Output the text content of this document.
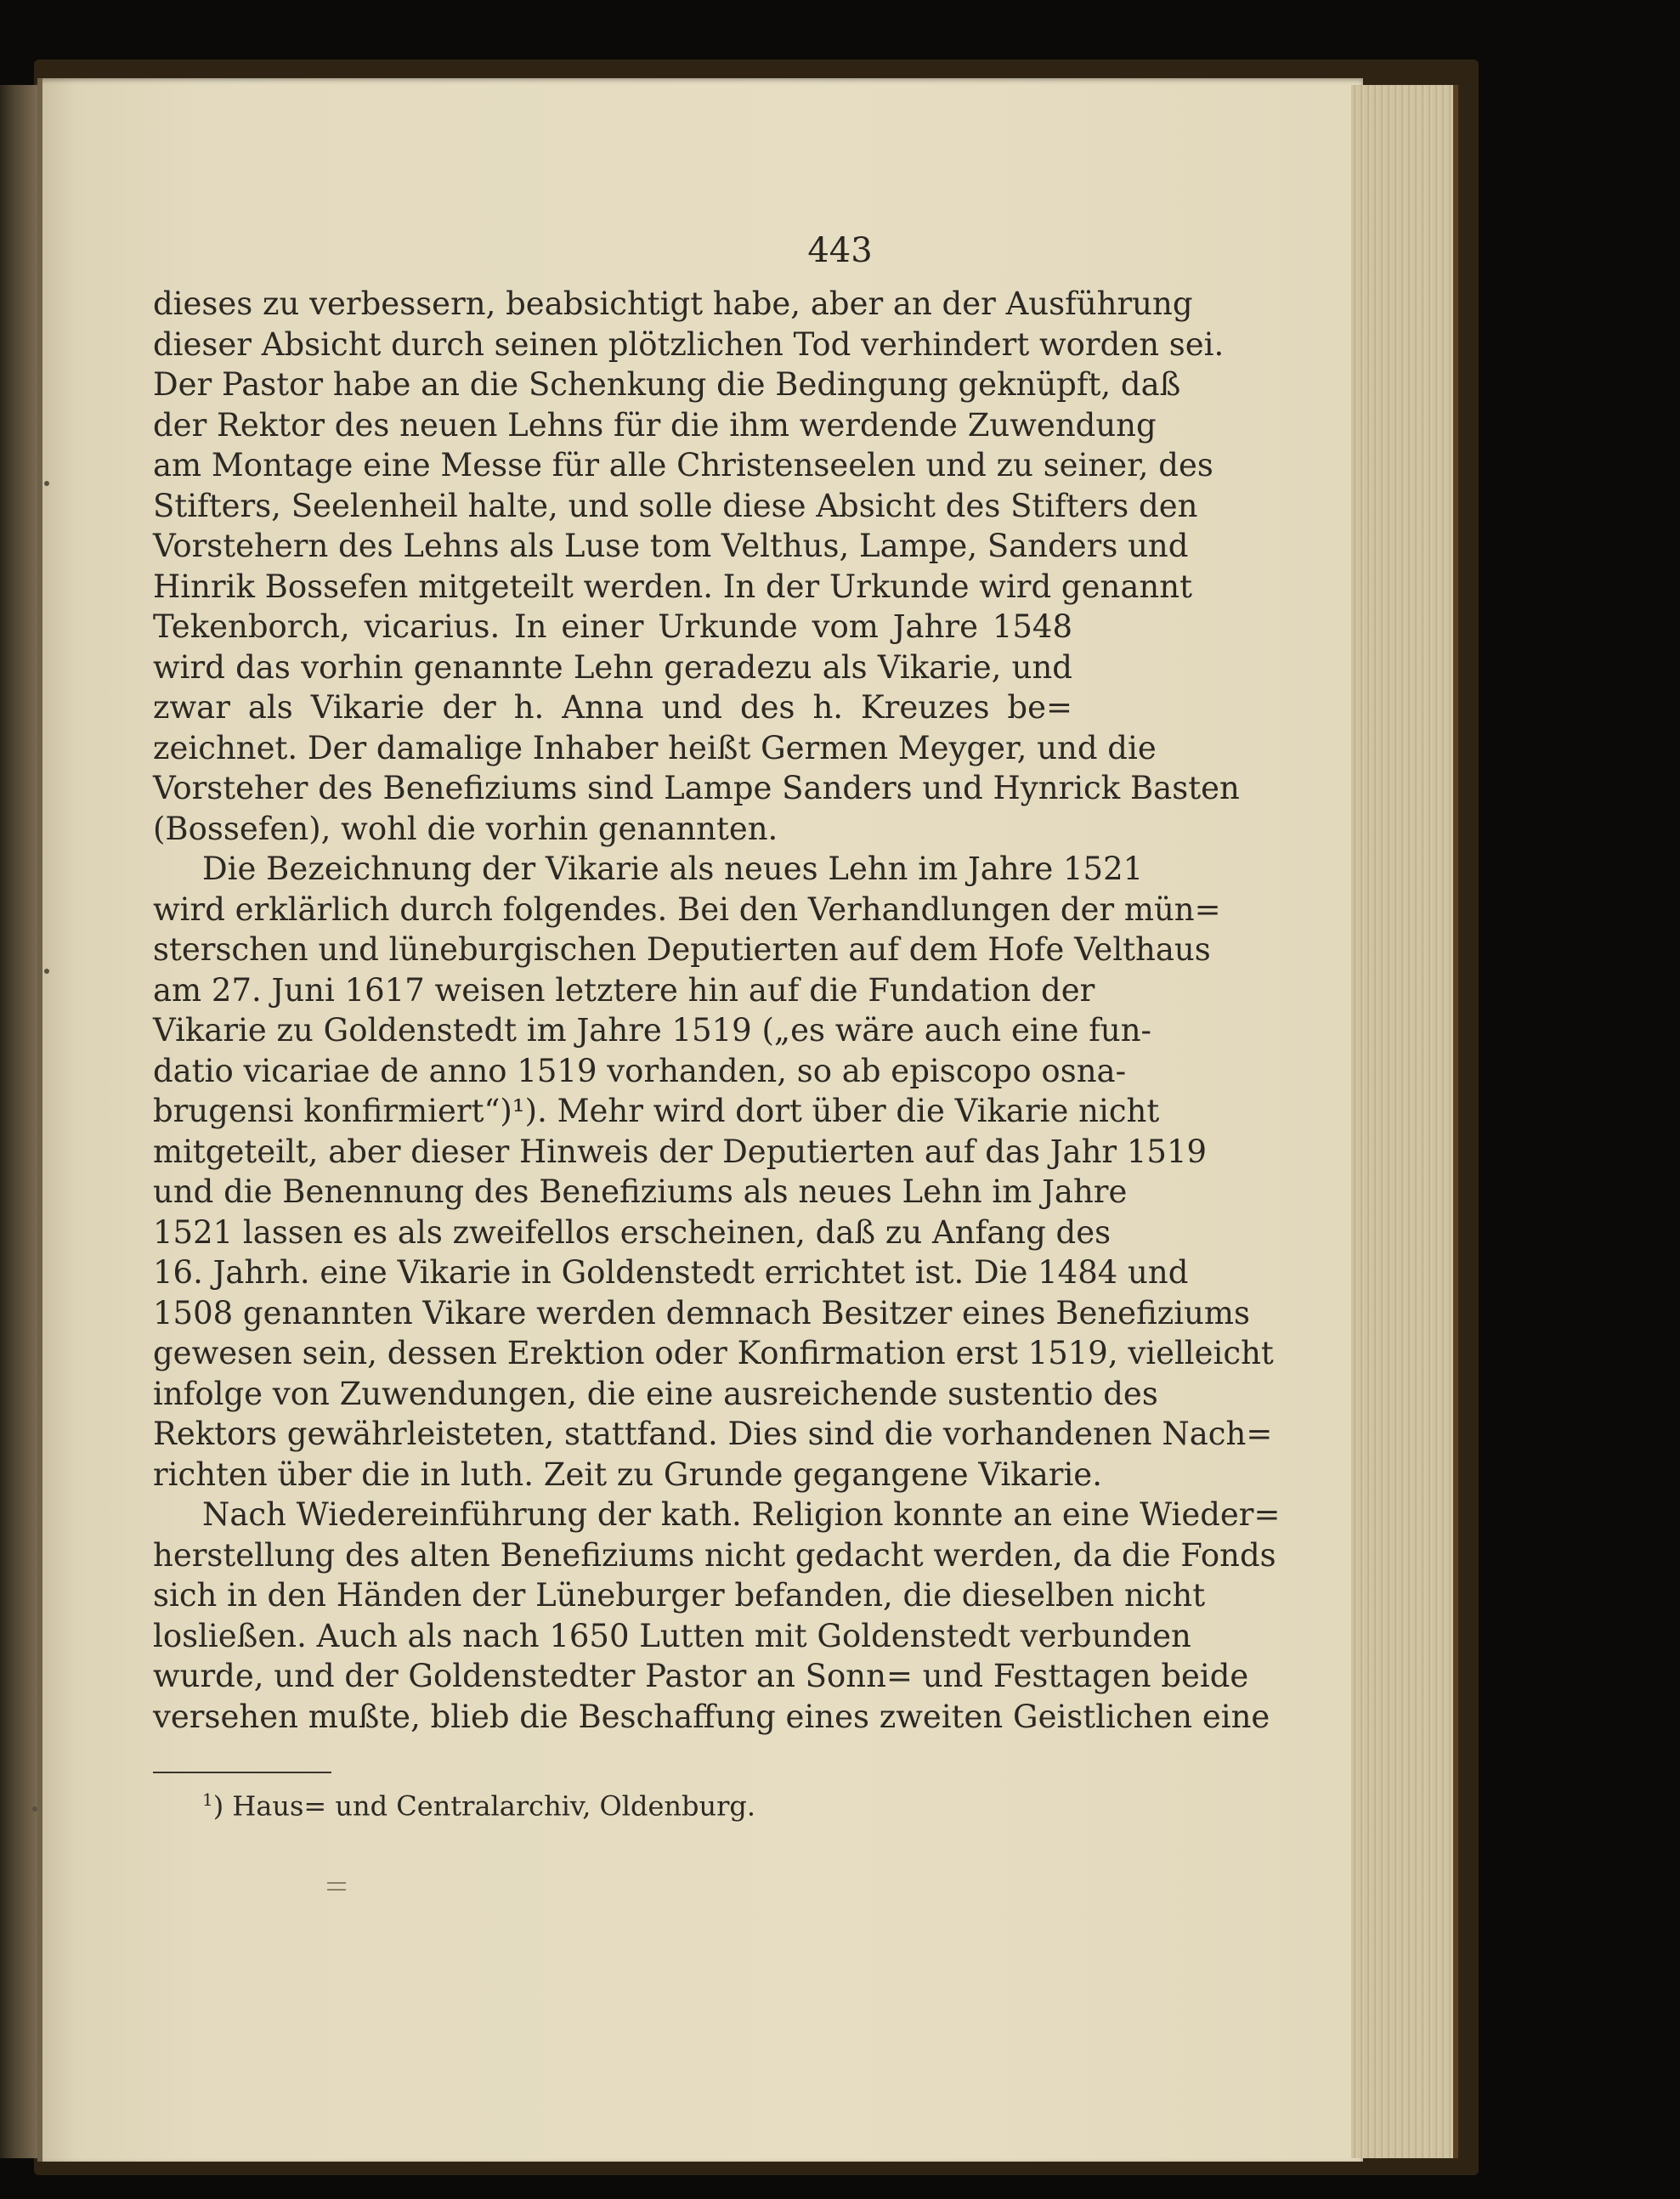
443
dieses zu verbessern, beabsichtigt habe, aber an der Ausführung
dieser Absicht durch seinen plötzlichen Tod verhindert worden sei.
Der Pastor habe an die Schenkung die Bedingung geknüpft, daß
der Rektor des neuen Lehns für die ihm werdende Zuwendung
am Montage eine Messe für alle Christenseelen und zu seiner, des
Stifters, Seelenheil halte, und solle diese Absicht des Stifters den
Vorstehern des Lehns als Luse tom Velthus, Lampe, Sanders und
Hinrik Bossefen mitgeteilt werden. In der Urkunde wird genannt
Tekenborch, vicarius. In einer Urkunde vom Jahre 1548
wird das vorhin genannte Lehn geradezu als Vikarie, und
zwar als Vikarie der h. Anna und des h. Kreuzes be=
zeichnet. Der damalige Inhaber heißt Germen Meyger, und die
Vorsteher des Benefiziums sind Lampe Sanders und Hynrick Basten
(Bossefen), wohl die vorhin genannten.
Die Bezeichnung der Vikarie als neues Lehn im Jahre 1521
wird erklärlich durch folgendes. Bei den Verhandlungen der mün=
sterschen und lüneburgischen Deputierten auf dem Hofe Velthaus
am 27. Juni 1617 weisen letztere hin auf die Fundation der
Vikarie zu Goldenstedt im Jahre 1519 („es wäre auch eine fun-
datio vicariae de anno 1519 vorhanden, so ab episcopo osna-
brugensi konfirmiert“)¹). Mehr wird dort über die Vikarie nicht
mitgeteilt, aber dieser Hinweis der Deputierten auf das Jahr 1519
und die Benennung des Benefiziums als neues Lehn im Jahre
1521 lassen es als zweifellos erscheinen, daß zu Anfang des
16. Jahrh. eine Vikarie in Goldenstedt errichtet ist. Die 1484 und
1508 genannten Vikare werden demnach Besitzer eines Benefiziums
gewesen sein, dessen Erektion oder Konfirmation erst 1519, vielleicht
infolge von Zuwendungen, die eine ausreichende sustentio des
Rektors gewährleisteten, stattfand. Dies sind die vorhandenen Nach=
richten über die in luth. Zeit zu Grunde gegangene Vikarie.
Nach Wiedereinführung der kath. Religion konnte an eine Wieder=
herstellung des alten Benefiziums nicht gedacht werden, da die Fonds
sich in den Händen der Lüneburger befanden, die dieselben nicht
losließen. Auch als nach 1650 Lutten mit Goldenstedt verbunden
wurde, und der Goldenstedter Pastor an Sonn= und Festtagen beide
versehen mußte, blieb die Beschaffung eines zweiten Geistlichen eine
$^1$) Haus= und Centralarchiv, Oldenburg.
